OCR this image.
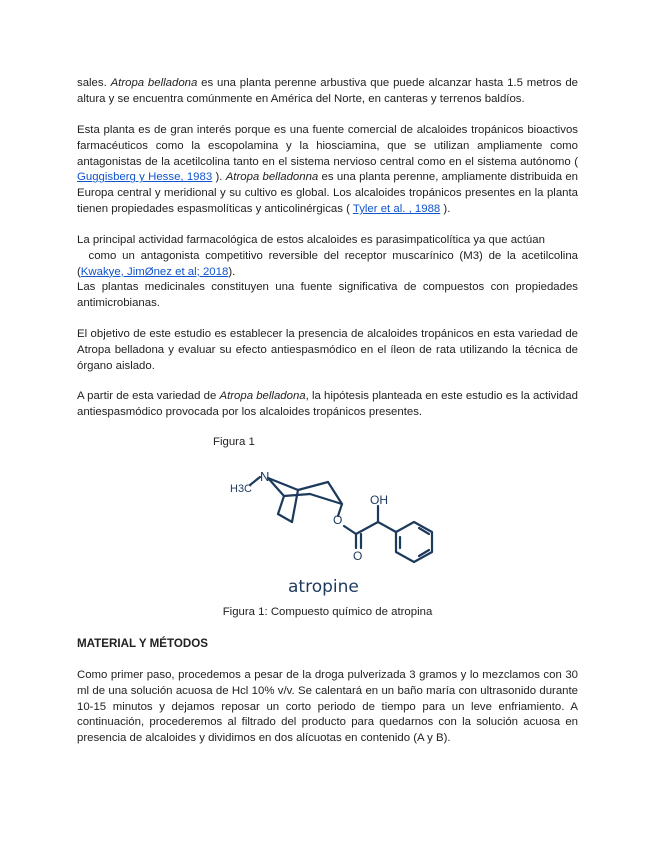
sales. Atropa belladona es una planta perenne arbustiva que puede alcanzar hasta 1.5 metros de altura y se encuentra comúnmente en América del Norte, en canteras y terrenos baldíos.

Esta planta es de gran interés porque es una fuente comercial de alcaloides tropánicos bioactivos farmacéuticos como la escopolamina y la hiosciamina, que se utilizan ampliamente como antagonistas de la acetilcolina tanto en el sistema nervioso central como en el sistema autónomo ( Guggisberg y Hesse, 1983 ). Atropa belladonna es una planta perenne, ampliamente distribuida en Europa central y meridional y su cultivo es global. Los alcaloides tropánicos presentes en la planta tienen propiedades espasmolíticas y anticolinérgicas ( Tyler et al. , 1988 ).

La principal actividad farmacológica de estos alcaloides es parasimpaticolítica ya que actúan

como un antagonista competitivo reversible del receptor muscarínico (M3) de la acetilcolina (Kwakye, JimØnez et al; 2018).

Las plantas medicinales constituyen una fuente significativa de compuestos con propiedades antimicrobianas.

El objetivo de este estudio es establecer la presencia de alcaloides tropánicos en esta variedad de Atropa belladona y evaluar su efecto antiespasmódico en el íleon de rata utilizando la técnica de órgano aislado.

A partir de esta variedad de Atropa belladona, la hipótesis planteada en este estudio es la actividad antiespasmódico provocada por los alcaloides tropánicos presentes.

Figura 1
N
H3C
O
O
OH
atropine
Figura 1: Compuesto químico de atropina
MATERIAL Y MÉTODOS

Como primer paso, procedemos a pesar de la droga pulverizada 3 gramos y lo mezclamos con 30 ml de una solución acuosa de Hcl 10% v/v. Se calentará en un baño maría con ultrasonido durante 10-15 minutos y dejamos reposar un corto periodo de tiempo para un leve enfriamiento. A continuación, procederemos al filtrado del producto para quedarnos con la solución acuosa en presencia de alcaloides y dividimos en dos alícuotas en contenido (A y B).
